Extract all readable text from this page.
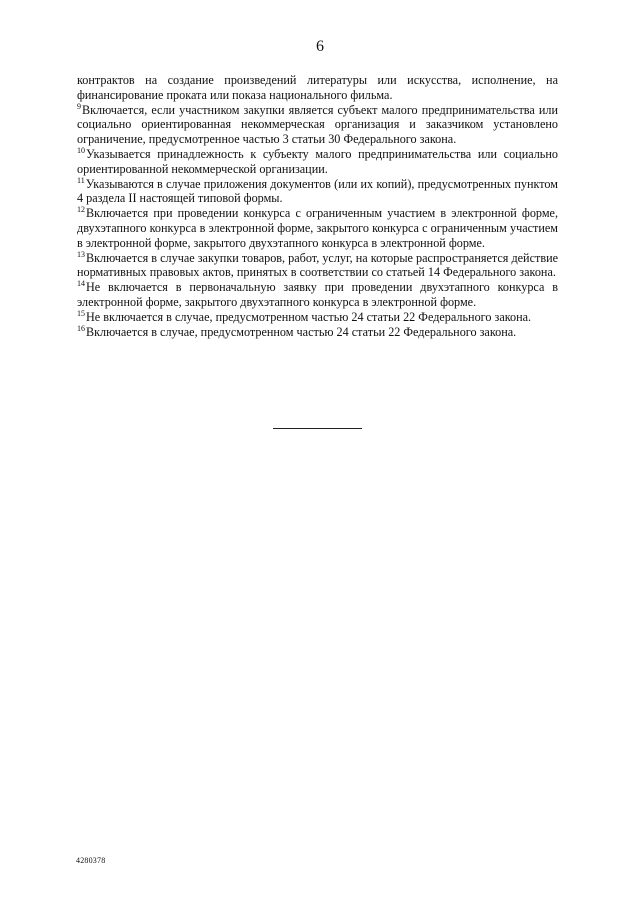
6
контрактов на создание произведений литературы или искусства, исполнение, на финансирование проката или показа национального фильма.
$^9$Включается, если участником закупки является субъект малого предпринимательства или социально ориентированная некоммерческая организация и заказчиком установлено ограничение, предусмотренное частью 3 статьи 30 Федерального закона.
$^{10}$Указывается принадлежность к субъекту малого предпринимательства или социально ориентированной некоммерческой организации.
$^{11}$Указываются в случае приложения документов (или их копий), предусмотренных пунктом 4 раздела II настоящей типовой формы.
$^{12}$Включается при проведении конкурса с ограниченным участием в электронной форме, двухэтапного конкурса в электронной форме, закрытого конкурса с ограниченным участием в электронной форме, закрытого двухэтапного конкурса в электронной форме.
$^{13}$Включается в случае закупки товаров, работ, услуг, на которые распространяется действие нормативных правовых актов, принятых в соответствии со статьей 14 Федерального закона.
$^{14}$Не включается в первоначальную заявку при проведении двухэтапного конкурса в электронной форме, закрытого двухэтапного конкурса в электронной форме.
$^{15}$Не включается в случае, предусмотренном частью 24 статьи 22 Федерального закона.
$^{16}$Включается в случае, предусмотренном частью 24 статьи 22 Федерального закона.
4280378
